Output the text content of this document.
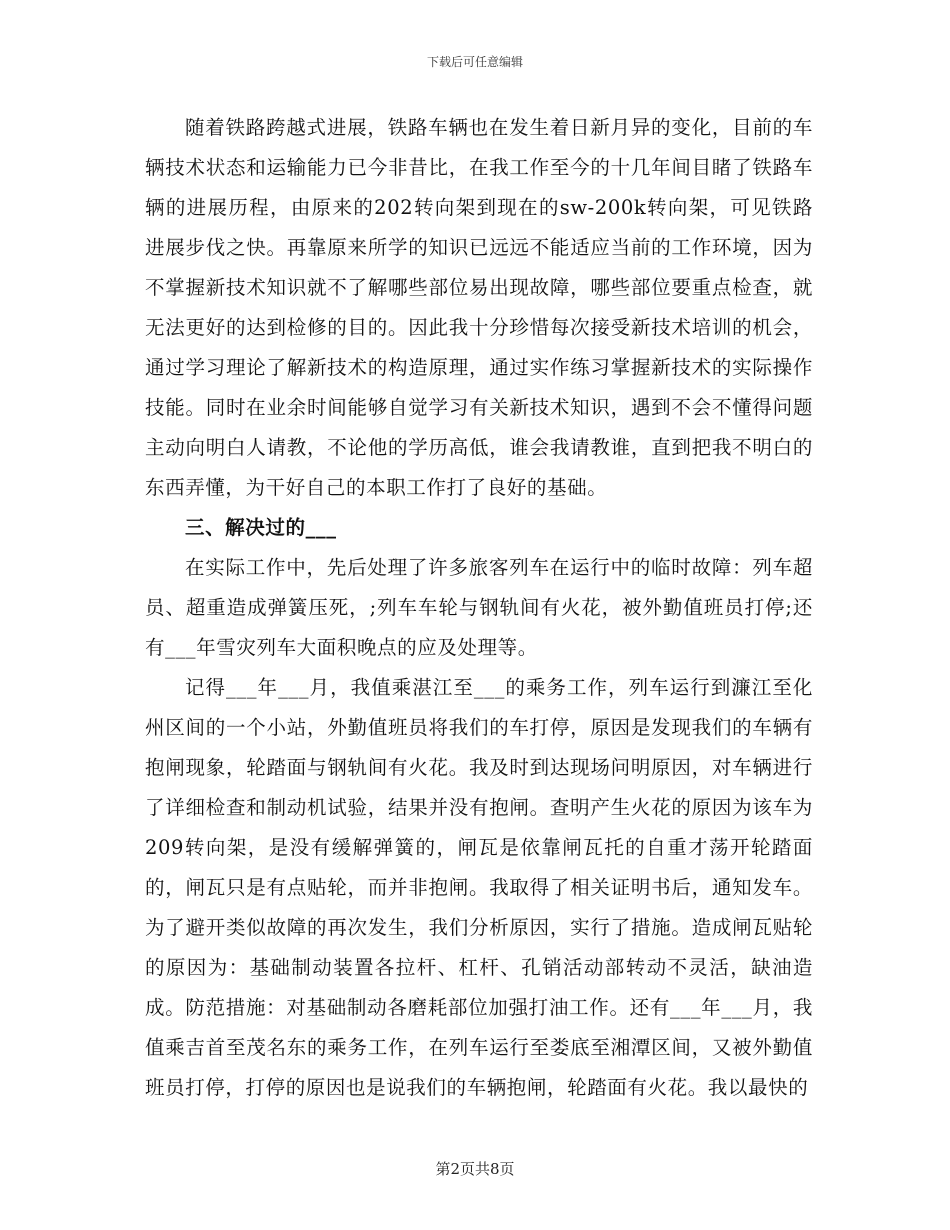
下载后可任意编辑

随着铁路跨越式进展，铁路车辆也在发生着日新月异的变化，目前的车辆技术状态和运输能力已今非昔比，在我工作至今的十几年间目睹了铁路车辆的进展历程，由原来的202转向架到现在的sw-200k转向架，可见铁路进展步伐之快。再靠原来所学的知识已远远不能适应当前的工作环境，因为不掌握新技术知识就不了解哪些部位易出现故障，哪些部位要重点检查，就无法更好的达到检修的目的。因此我十分珍惜每次接受新技术培训的机会，通过学习理论了解新技术的构造原理，通过实作练习掌握新技术的实际操作技能。同时在业余时间能够自觉学习有关新技术知识，遇到不会不懂得问题主动向明白人请教，不论他的学历高低，谁会我请教谁，直到把我不明白的东西弄懂，为干好自己的本职工作打了良好的基础。

三、解决过的___

在实际工作中，先后处理了许多旅客列车在运行中的临时故障：列车超员、超重造成弹簧压死，;列车车轮与钢轨间有火花，被外勤值班员打停;还有___年雪灾列车大面积晚点的应及处理等。

记得___年___月，我值乘湛江至___的乘务工作，列车运行到濂江至化州区间的一个小站，外勤值班员将我们的车打停，原因是发现我们的车辆有抱闸现象，轮踏面与钢轨间有火花。我及时到达现场问明原因，对车辆进行了详细检查和制动机试验，结果并没有抱闸。查明产生火花的原因为该车为209转向架，是没有缓解弹簧的，闸瓦是依靠闸瓦托的自重才荡开轮踏面的，闸瓦只是有点贴轮，而并非抱闸。我取得了相关证明书后，通知发车。为了避开类似故障的再次发生，我们分析原因，实行了措施。造成闸瓦贴轮的原因为：基础制动装置各拉杆、杠杆、孔销活动部转动不灵活，缺油造成。防范措施：对基础制动各磨耗部位加强打油工作。还有___年___月，我值乘吉首至茂名东的乘务工作，在列车运行至娄底至湘潭区间，又被外勤值班员打停，打停的原因也是说我们的车辆抱闸，轮踏面有火花。我以最快的

第2页共8页
